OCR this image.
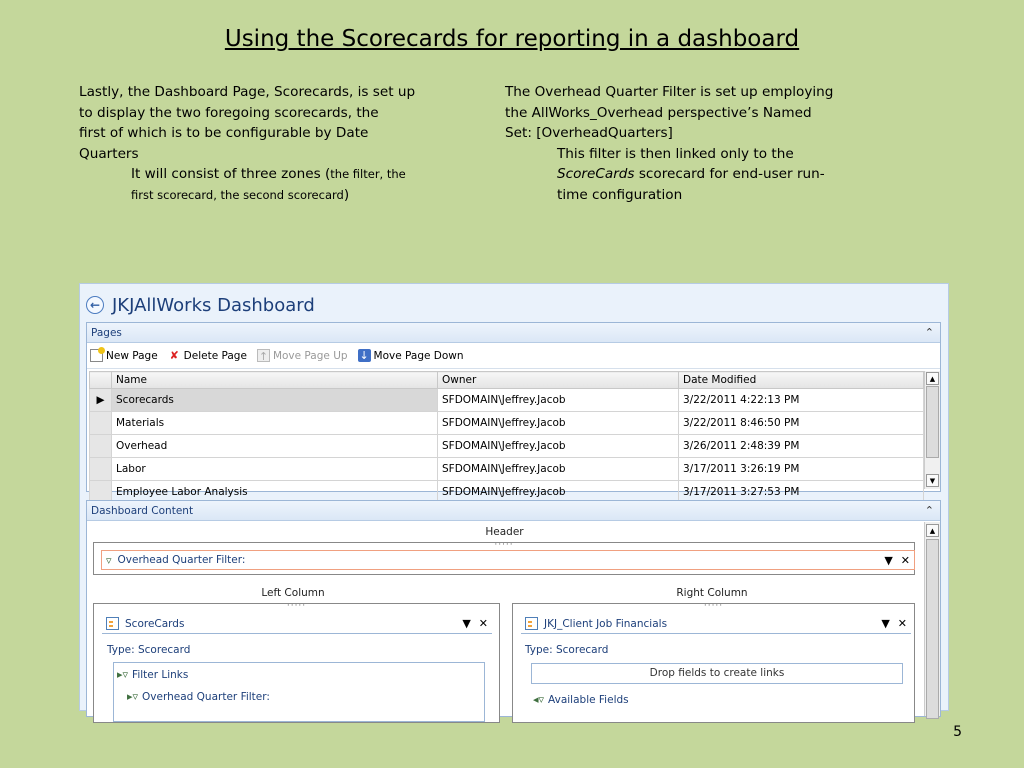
Using the Scorecards for reporting in a dashboard
Lastly, the Dashboard Page, Scorecards, is set up
to display the two foregoing scorecards, the
first of which is to be configurable by Date
Quarters
It will consist of three zones (the filter, the
first scorecard, the second scorecard)
The Overhead Quarter Filter is set up employing
the AllWorks_Overhead perspective’s Named
Set: [OverheadQuarters]
This filter is then linked only to the
ScoreCards scorecard for end-user run-
time configuration
← JKJAllWorks Dashboard
Pages	⌃
New Page ✘ Delete Page ↑ Move Page Up ↓ Move Page Down
	Name	Owner	Date Modified
▶	Scorecards	SFDOMAIN\Jeffrey.Jacob	3/22/2011 4:22:13 PM
	Materials	SFDOMAIN\Jeffrey.Jacob	3/22/2011 8:46:50 PM
	Overhead	SFDOMAIN\Jeffrey.Jacob	3/26/2011 2:48:39 PM
	Labor	SFDOMAIN\Jeffrey.Jacob	3/17/2011 3:26:19 PM
	Employee Labor Analysis	SFDOMAIN\Jeffrey.Jacob	3/17/2011 3:27:53 PM
▲
▼
Dashboard Content	⌃
Header
·····
▿ Overhead Quarter Filter:	▼ ✕
Left Column	Right Column
·····
ScoreCards	▼ ✕
Type: Scorecard
▸▿ Filter Links
▸▿ Overhead Quarter Filter:
·····
JKJ_Client Job Financials	▼ ✕
Type: Scorecard
Drop fields to create links
◂▿ Available Fields
▲
5
